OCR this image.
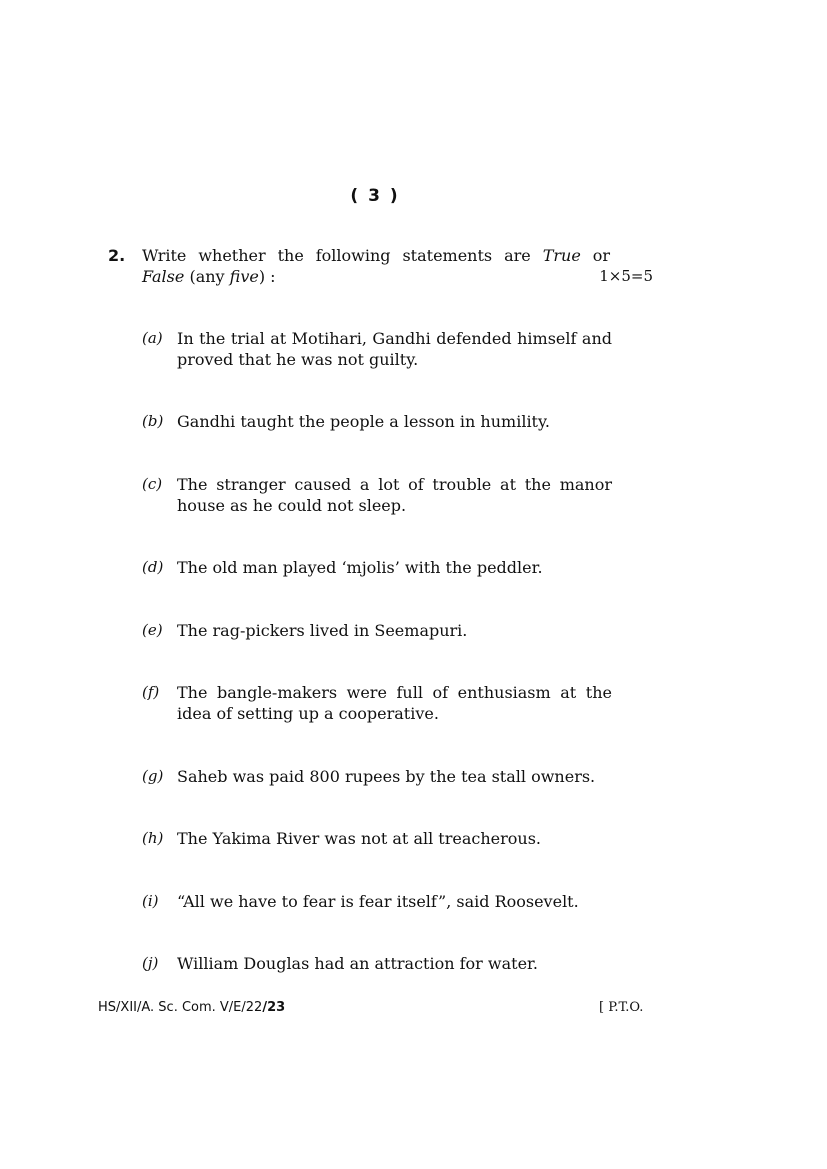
( 3 )
2. Write whether the following statements are True or
False (any five) :	1×5=5
(a) In the trial at Motihari, Gandhi defended himself and proved that he was not guilty.
(b) Gandhi taught the people a lesson in humility.
(c) The stranger caused a lot of trouble at the manor house as he could not sleep.
(d) The old man played ‘mjolis’ with the peddler.
(e) The rag-pickers lived in Seemapuri.
(f) The bangle-makers were full of enthusiasm at the idea of setting up a cooperative.
(g) Saheb was paid 800 rupees by the tea stall owners.
(h) The Yakima River was not at all treacherous.
(i) “All we have to fear is fear itself”, said Roosevelt.
(j) William Douglas had an attraction for water.
HS/XII/A. Sc. Com. V/E/22/23	[ P.T.O.
